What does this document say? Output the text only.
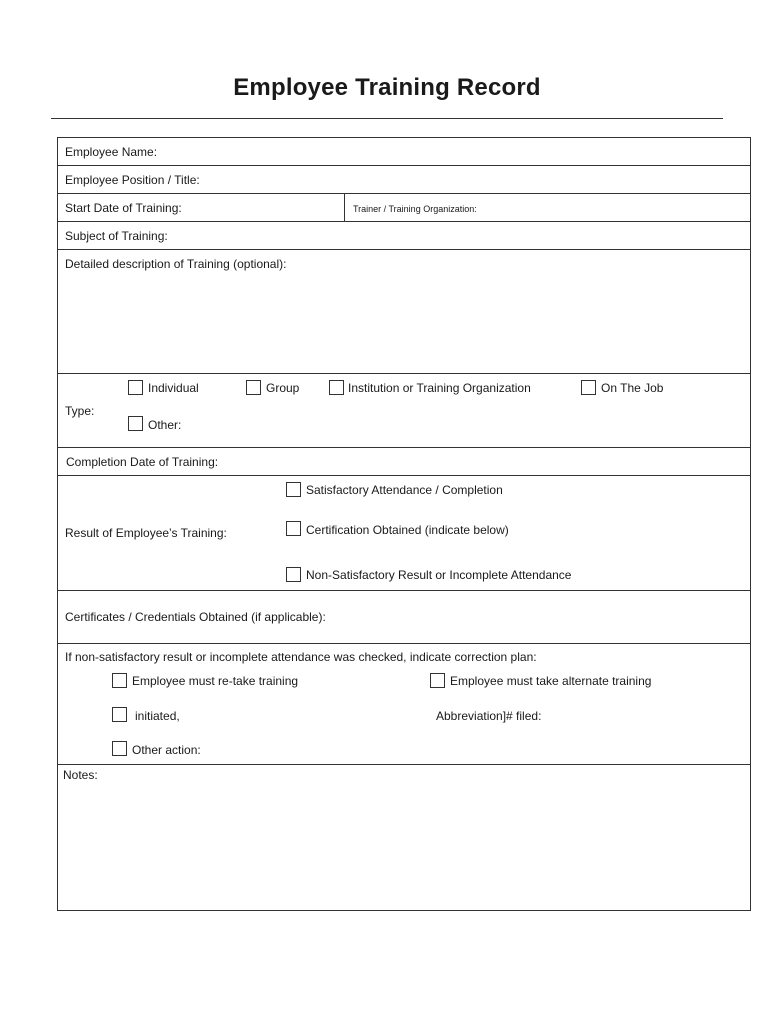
Employee Training Record
Employee Name:
Employee Position / Title:
Start Date of Training:	Trainer / Training Organization:
Subject of Training:
Detailed description of Training (optional):
Type:
Individual	Group	Institution or Training Organization	On The Job
Other:
Completion Date of Training:
Result of Employee’s Training:
Satisfactory Attendance / Completion
Certification Obtained (indicate below)
Non-Satisfactory Result or Incomplete Attendance
Certificates / Credentials Obtained (if applicable):
If non-satisfactory result or incomplete attendance was checked, indicate correction plan:
Employee must re-take training	Employee must take alternate training
initiated,	Abbreviation]# filed:
Other action:
Notes:
